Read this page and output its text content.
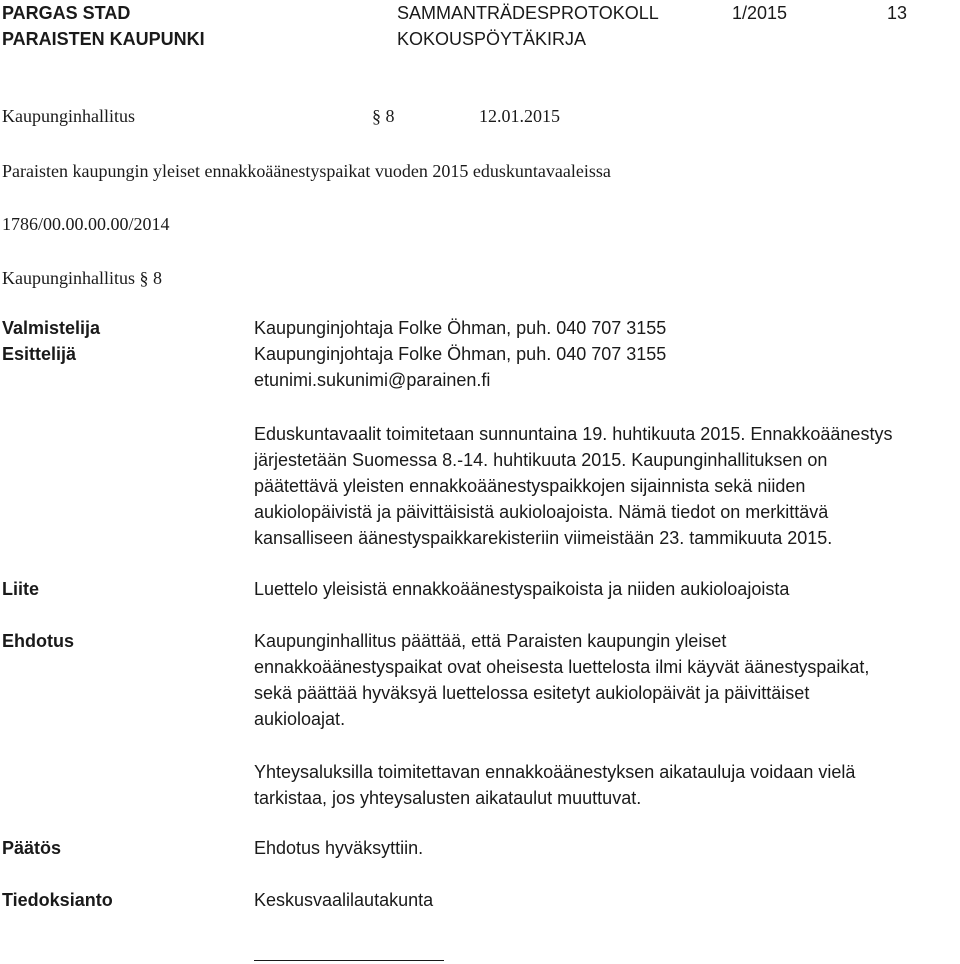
PARGAS STAD
PARAISTEN KAUPUNKI
SAMMANTRÄDESPROTOKOLL
KOKOUSPÖYTÄKIRJA
1/2015	13
Kaupunginhallitus	§ 8	12.01.2015
Paraisten kaupungin yleiset ennakkoäänestyspaikat vuoden 2015 eduskuntavaaleissa
1786/00.00.00.00/2014
Kaupunginhallitus § 8
Valmistelija	Kaupunginjohtaja Folke Öhman, puh. 040 707 3155
Esittelijä	Kaupunginjohtaja Folke Öhman, puh. 040 707 3155
etunimi.sukunimi@parainen.fi
Eduskuntavaalit toimitetaan sunnuntaina 19. huhtikuuta 2015. Ennakkoäänestys
järjestetään Suomessa 8.-14. huhtikuuta 2015. Kaupunginhallituksen on
päätettävä yleisten ennakkoäänestyspaikkojen sijainnista sekä niiden
aukiolopäivistä ja päivittäisistä aukioloajoista. Nämä tiedot on merkittävä
kansalliseen äänestyspaikkarekisteriin viimeistään 23. tammikuuta 2015.
Liite	Luettelo yleisistä ennakkoäänestyspaikoista ja niiden aukioloajoista
Ehdotus	Kaupunginhallitus päättää, että Paraisten kaupungin yleiset
ennakkoäänestyspaikat ovat oheisesta luettelosta ilmi käyvät äänestyspaikat,
sekä päättää hyväksyä luettelossa esitetyt aukiolopäivät ja päivittäiset
aukioloajat.
Yhteysaluksilla toimitettavan ennakkoäänestyksen aikatauluja voidaan vielä
tarkistaa, jos yhteysalusten aikataulut muuttuvat.
Päätös	Ehdotus hyväksyttiin.
Tiedoksianto	Keskusvaalilautakunta
